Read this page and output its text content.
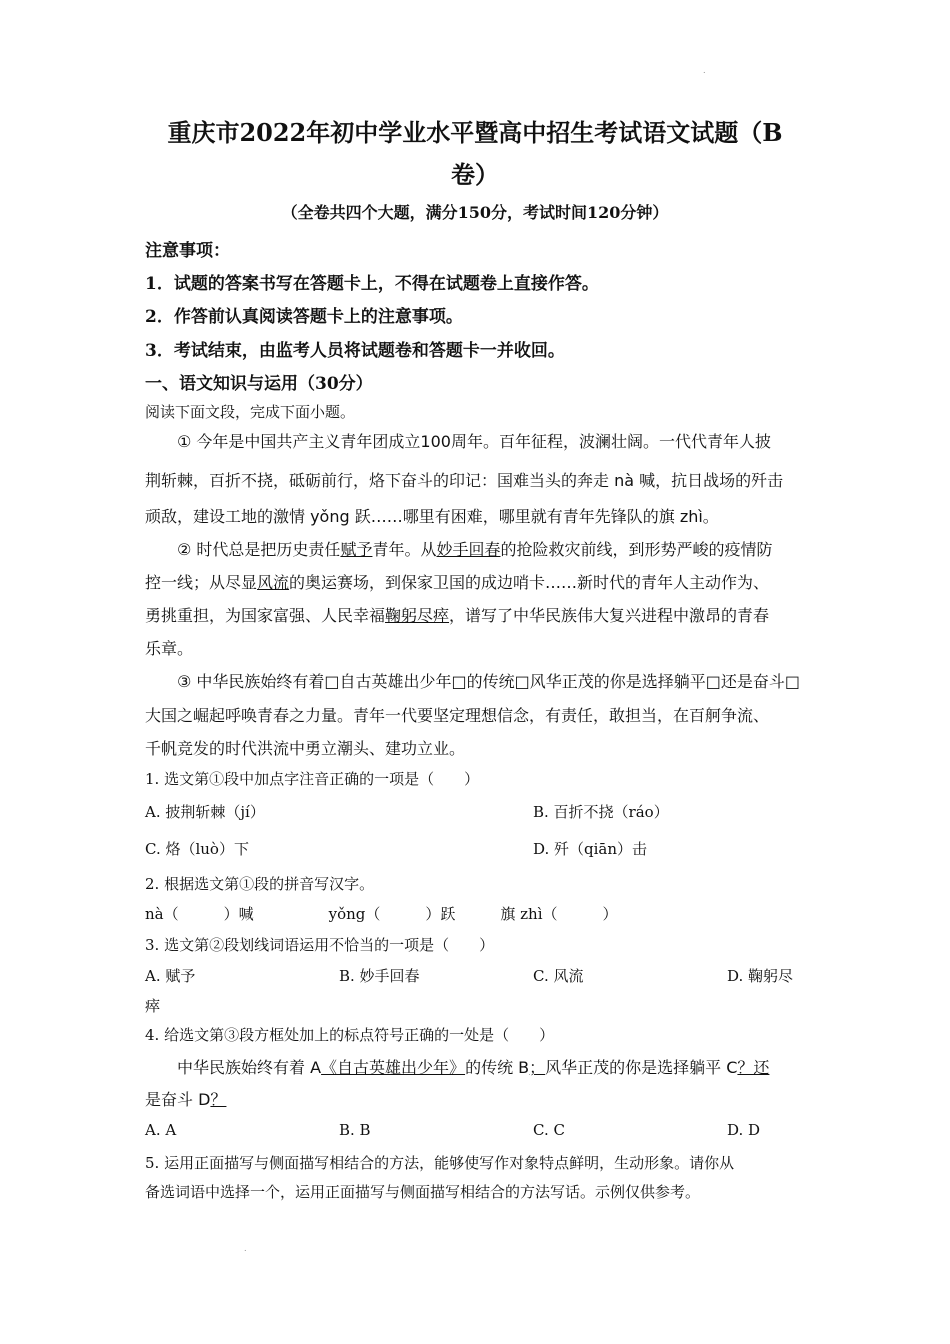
.
.
重庆市2022年初中学业水平暨高中招生考试语文试题（B
卷）
（全卷共四个大题，满分150分，考试时间120分钟）
注意事项：
1．试题的答案书写在答题卡上，不得在试题卷上直接作答。
2．作答前认真阅读答题卡上的注意事项。
3．考试结束，由监考人员将试题卷和答题卡一并收回。
一、语文知识与运用（30分）
阅读下面文段，完成下面小题。
① 今年是中国共产主义青年团成立100周年。百年征程，波澜壮阔。一代代青年人披
荆斩棘，百折不挠，砥砺前行，烙下奋斗的印记：国难当头的奔走 nà 喊，抗日战场的歼击
顽敌，建设工地的激情 yǒng 跃……哪里有困难，哪里就有青年先锋队的旗 zhì。
② 时代总是把历史责任赋予青年。从妙手回春的抢险救灾前线，到形势严峻的疫情防
控一线；从尽显风流的奥运赛场，到保家卫国的成边哨卡……新时代的青年人主动作为、
勇挑重担，为国家富强、人民幸福鞠躬尽瘁，谱写了中华民族伟大复兴进程中激昂的青春
乐章。
③ 中华民族始终有着□自古英雄出少年□的传统□风华正茂的你是选择躺平□还是奋斗□
大国之崛起呼唤青春之力量。青年一代要坚定理想信念，有责任，敢担当，在百舸争流、
千帆竞发的时代洪流中勇立潮头、建功立业。
1. 选文第①段中加点字注音正确的一项是（　　）
A. 披荆斩棘（jí）	B. 百折不挠（ráo）
C. 烙（luò）下	D. 歼（qiān）击
2. 根据选文第①段的拼音写汉字。
nà（　　　）喊　　　　　yǒng（　　　）跃　　　旗 zhì（　　　）
3. 选文第②段划线词语运用不恰当的一项是（　　）
A. 赋予	B. 妙手回春	C. 风流	D. 鞠躬尽
瘁
4. 给选文第③段方框处加上的标点符号正确的一处是（　　）
中华民族始终有着 A《自古英雄出少年》的传统 B；风华正茂的你是选择躺平 C？还
是奋斗 D？
A. A	B. B	C. C	D. D
5. 运用正面描写与侧面描写相结合的方法，能够使写作对象特点鲜明，生动形象。请你从
备选词语中选择一个，运用正面描写与侧面描写相结合的方法写话。示例仅供参考。
